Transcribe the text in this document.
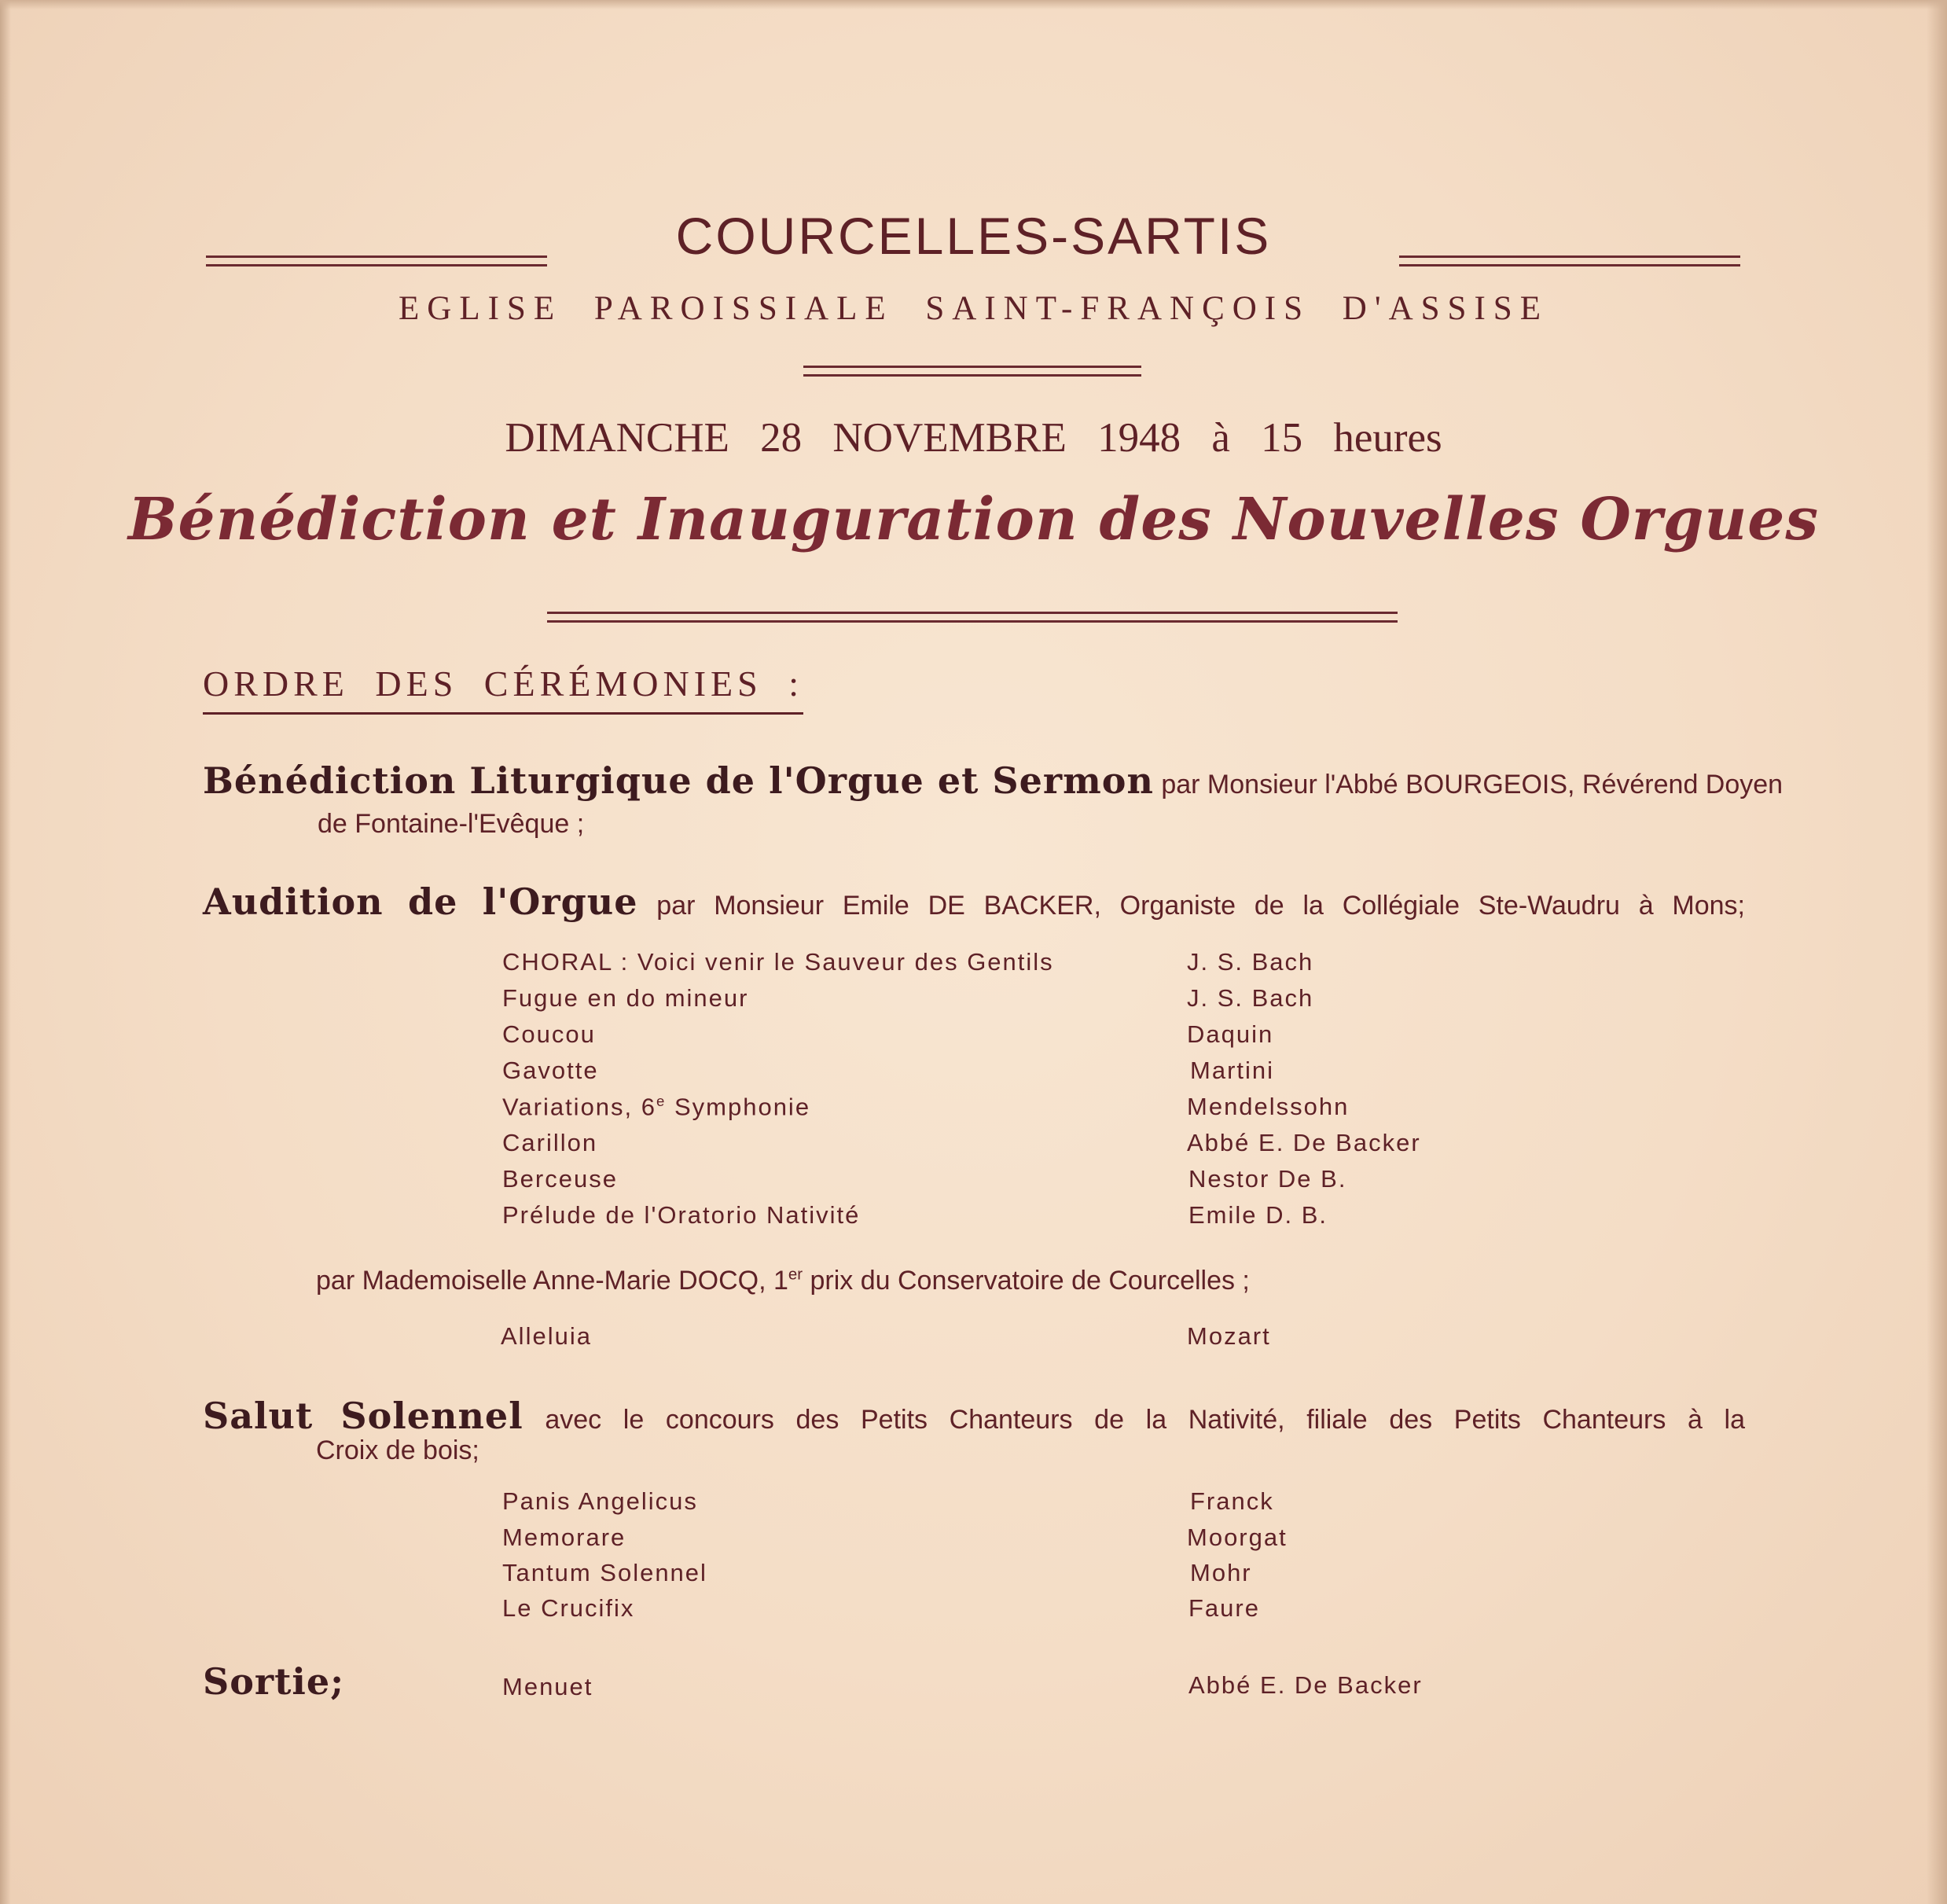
COURCELLES-SARTIS
EGLISE PAROISSIALE SAINT-FRANÇOIS D'ASSISE
DIMANCHE 28 NOVEMBRE 1948 à 15 heures
Bénédiction et Inauguration des Nouvelles Orgues
ORDRE DES CÉRÉMONIES :
Bénédiction Liturgique de l'Orgue et Sermon par Monsieur l'Abbé BOURGEOIS, Révérend Doyen
de Fontaine-l'Evêque ;
Audition de l'Orgue par Monsieur Emile DE BACKER, Organiste de la Collégiale Ste-Waudru à Mons;
CHORAL : Voici venir le Sauveur des Gentils	J. S. Bach
Fugue en do mineur	J. S. Bach
Coucou	Daquin
Gavotte	Martini
Variations, 6e Symphonie	Mendelssohn
Carillon	Abbé E. De Backer
Berceuse	Nestor De B.
Prélude de l'Oratorio Nativité	Emile D. B.
par Mademoiselle Anne-Marie DOCQ, 1er prix du Conservatoire de Courcelles ;
Alleluia	Mozart
Salut Solennel avec le concours des Petits Chanteurs de la Nativité, filiale des Petits Chanteurs à la
Croix de bois;
Panis Angelicus	Franck
Memorare	Moorgat
Tantum Solennel	Mohr
Le Crucifix	Faure
Sortie;	Menuet	Abbé E. De Backer
